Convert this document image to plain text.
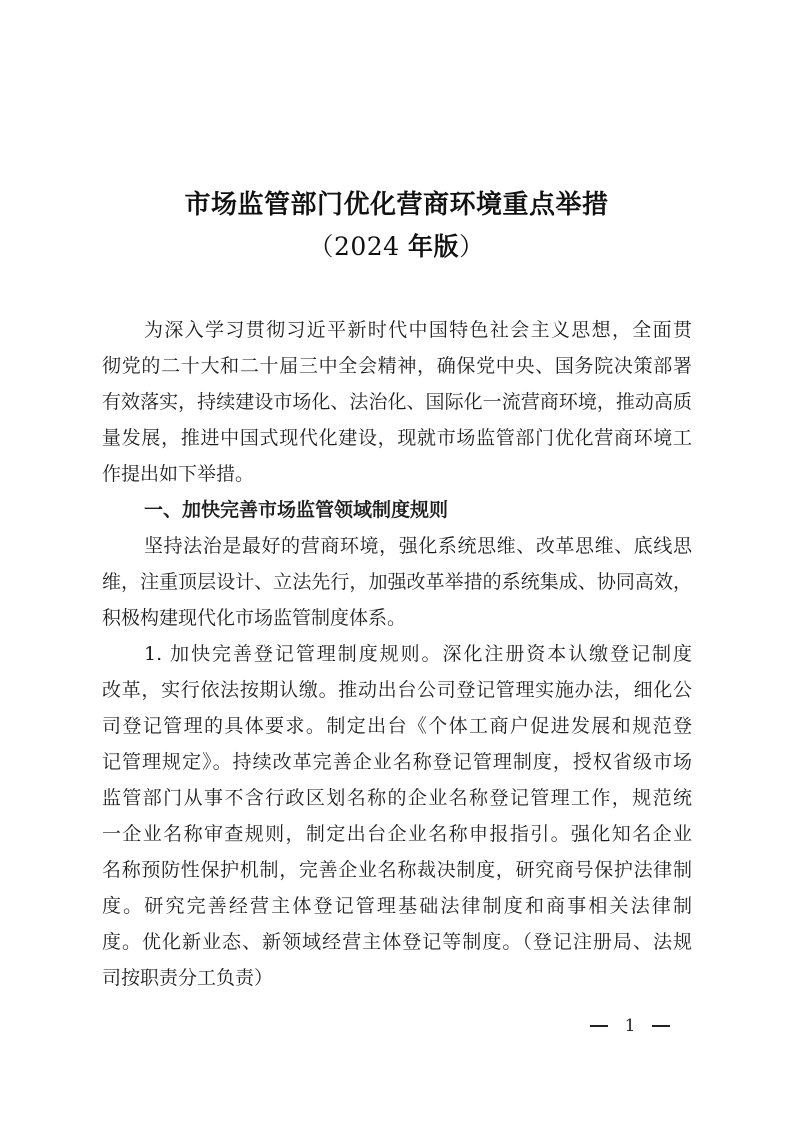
市场监管部门优化营商环境重点举措
（2024 年版）
为深入学习贯彻习近平新时代中国特色社会主义思想，全面贯
彻党的二十大和二十届三中全会精神，确保党中央、国务院决策部署
有效落实，持续建设市场化、法治化、国际化一流营商环境，推动高质
量发展，推进中国式现代化建设，现就市场监管部门优化营商环境工
作提出如下举措。
一、加快完善市场监管领域制度规则
坚持法治是最好的营商环境，强化系统思维、改革思维、底线思
维，注重顶层设计、立法先行，加强改革举措的系统集成、协同高效，
积极构建现代化市场监管制度体系。
1. 加快完善登记管理制度规则。深化注册资本认缴登记制度
改革，实行依法按期认缴。推动出台公司登记管理实施办法，细化公
司登记管理的具体要求。制定出台《个体工商户促进发展和规范登
记管理规定》。持续改革完善企业名称登记管理制度，授权省级市场
监管部门从事不含行政区划名称的企业名称登记管理工作，规范统
一企业名称审查规则，制定出台企业名称申报指引。强化知名企业
名称预防性保护机制，完善企业名称裁决制度，研究商号保护法律制
度。研究完善经营主体登记管理基础法律制度和商事相关法律制
度。优化新业态、新领域经营主体登记等制度。（登记注册局、法规
司按职责分工负责）
1
